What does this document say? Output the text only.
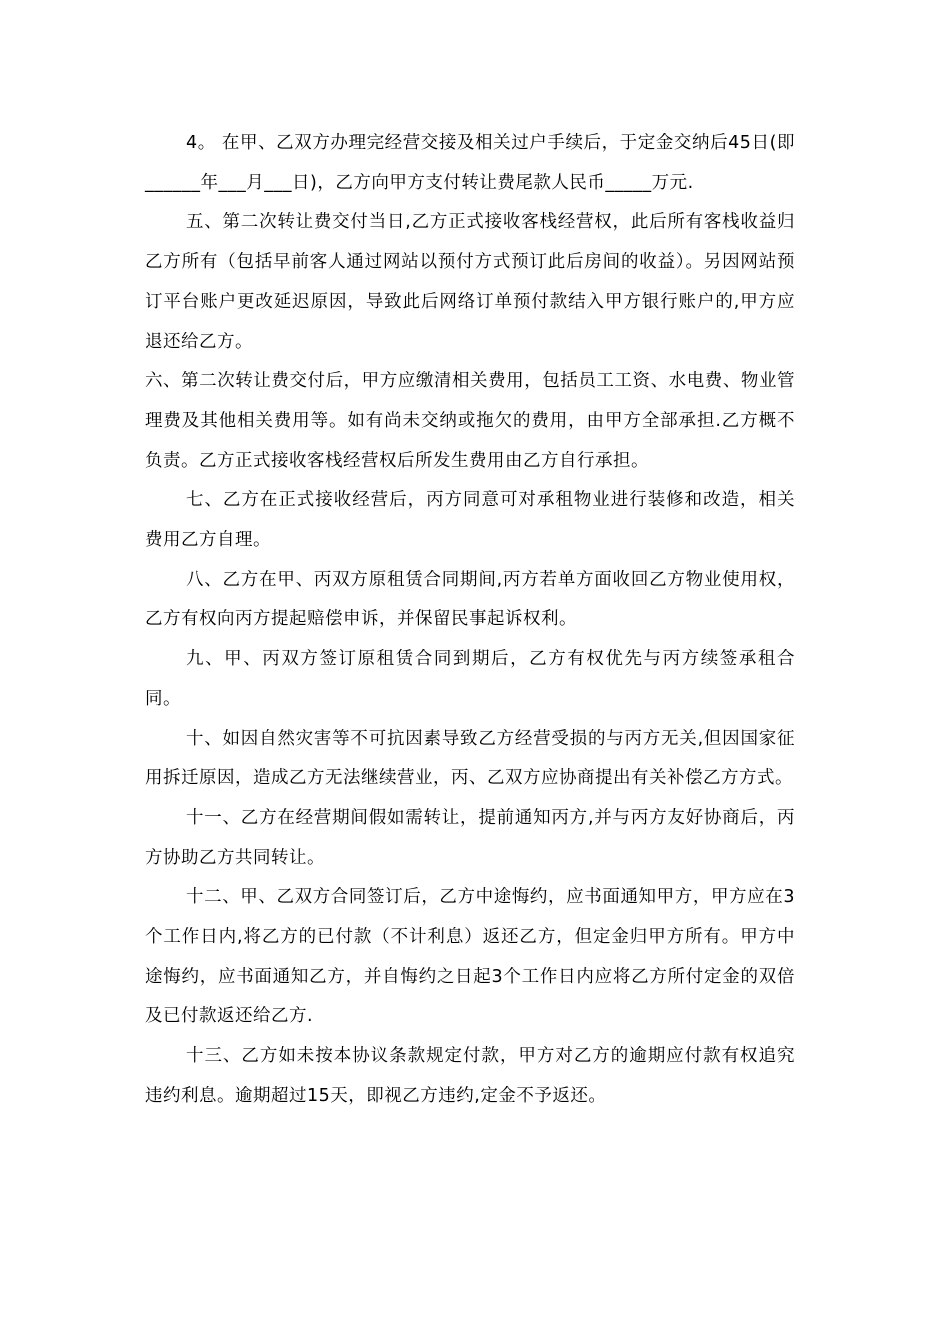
4。 在甲、乙双方办理完经营交接及相关过户手续后，于定金交纳后45日(即______年___月___日)，乙方向甲方支付转让费尾款人民币_____万元.

五、第二次转让费交付当日,乙方正式接收客栈经营权，此后所有客栈收益归乙方所有（包括早前客人通过网站以预付方式预订此后房间的收益）。另因网站预订平台账户更改延迟原因，导致此后网络订单预付款结入甲方银行账户的,甲方应退还给乙方。

六、第二次转让费交付后，甲方应缴清相关费用，包括员工工资、水电费、物业管理费及其他相关费用等。如有尚未交纳或拖欠的费用，由甲方全部承担.乙方概不负责。乙方正式接收客栈经营权后所发生费用由乙方自行承担。

七、乙方在正式接收经营后，丙方同意可对承租物业进行装修和改造，相关费用乙方自理。

八、乙方在甲、丙双方原租赁合同期间,丙方若单方面收回乙方物业使用权，乙方有权向丙方提起赔偿申诉，并保留民事起诉权利。

九、甲、丙双方签订原租赁合同到期后，乙方有权优先与丙方续签承租合同。

十、如因自然灾害等不可抗因素导致乙方经营受损的与丙方无关,但因国家征用拆迁原因，造成乙方无法继续营业，丙、乙双方应协商提出有关补偿乙方方式。

十一、乙方在经营期间假如需转让，提前通知丙方,并与丙方友好协商后，丙方协助乙方共同转让。

十二、甲、乙双方合同签订后，乙方中途悔约，应书面通知甲方，甲方应在3个工作日内,将乙方的已付款（不计利息）返还乙方，但定金归甲方所有。甲方中途悔约，应书面通知乙方，并自悔约之日起3个工作日内应将乙方所付定金的双倍及已付款返还给乙方.

十三、乙方如未按本协议条款规定付款，甲方对乙方的逾期应付款有权追究违约利息。逾期超过15天，即视乙方违约,定金不予返还。
